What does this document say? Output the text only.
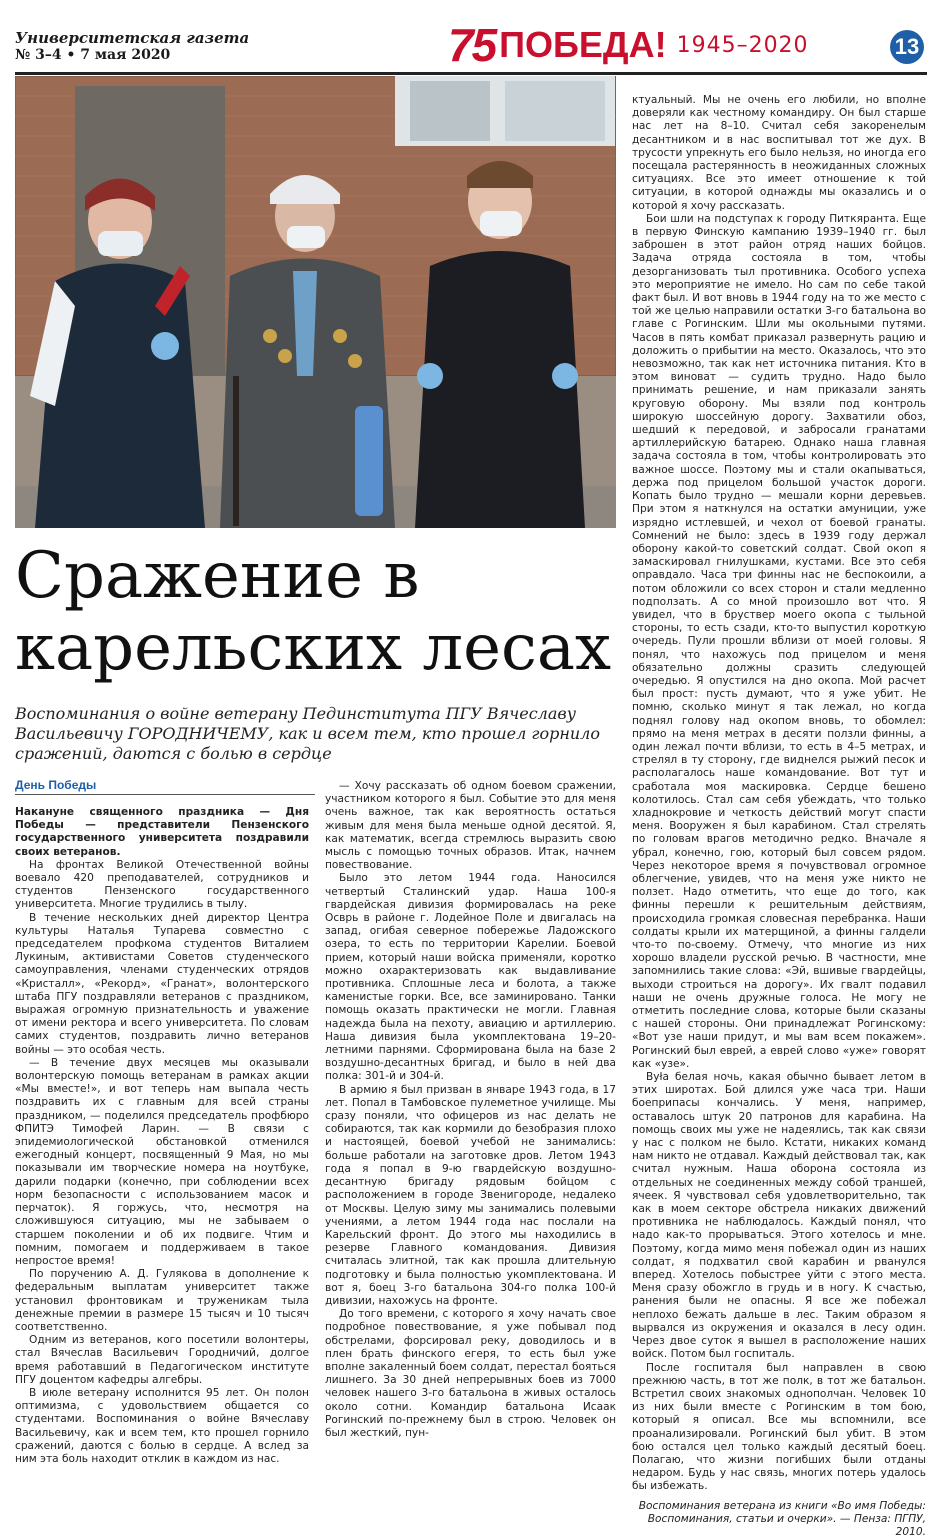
Университетская газета
№ 3–4 • 7 мая 2020	75 ПОБЕДА! 1945–2020	13
Сражение в
карельских лесах
Воспоминания о войне ветерану Пединститута ПГУ Вячеславу Васильевичу ГОРОДНИЧЕМУ, как и всем тем, кто прошел горнило сражений, даются с болью в сердце
День Победы

Накануне священного праздника — Дня Победы — представители Пензенского государственного университета поздравили своих ветеранов.

На фронтах Великой Отечественной войны воевало 420 преподавателей, сотрудников и студентов Пензенского государственного университета. Многие трудились в тылу.

В течение нескольких дней директор Центра культуры Наталья Тупарева совместно с председателем профкома студентов Виталием Лукиным, активистами Советов студенческого самоуправления, членами студенческих отрядов «Кристалл», «Рекорд», «Гранат», волонтерского штаба ПГУ поздравляли ветеранов с праздником, выражая огромную признательность и уважение от имени ректора и всего университета. По словам самих студентов, поздравить лично ветеранов войны — это особая честь.

— В течение двух месяцев мы оказывали волонтерскую помощь ветеранам в рамках акции «Мы вместе!», и вот теперь нам выпала честь поздравить их с главным для всей страны праздником, — поделился председатель профбюро ФПИТЭ Тимофей Ларин. — В связи с эпидемиологической обстановкой отменился ежегодный концерт, посвященный 9 Мая, но мы показывали им творческие номера на ноутбуке, дарили подарки (конечно, при соблюдении всех норм безопасности с использованием масок и перчаток). Я горжусь, что, несмотря на сложившуюся ситуацию, мы не забываем о старшем поколении и об их подвиге. Чтим и помним, помогаем и поддерживаем в такое непростое время!

По поручению А. Д. Гулякова в дополнение к федеральным выплатам университет также установил фронтовикам и труженикам тыла денежные премии в размере 15 тысяч и 10 тысяч соответственно.

Одним из ветеранов, кого посетили волонтеры, стал Вячеслав Васильевич Городничий, долгое время работавший в Педагогическом институте ПГУ доцентом кафедры алгебры.

В июле ветерану исполнится 95 лет. Он полон оптимизма, с удовольствием общается со студентами. Воспоминания о войне Вячеславу Васильевичу, как и всем тем, кто прошел горнило сражений, даются с болью в сердце. А вслед за ним эта боль находит отклик в каждом из нас.

— Хочу рассказать об одном боевом сражении, участником которого я был. Событие это для меня очень важное, так как вероятность остаться живым для меня была меньше одной десятой. Я, как математик, всегда стремлюсь выразить свою мысль с помощью точных образов. Итак, начнем повествование.

Было это летом 1944 года. Наносился четвертый Сталинский удар. Наша 100-я гвардейская дивизия формировалась на реке Осврь в районе г. Лодейное Поле и двигалась на запад, огибая северное побережье Ладожского озера, то есть по территории Карелии. Боевой прием, который наши войска применяли, коротко можно охарактеризовать как выдавливание противника. Сплошные леса и болота, а также каменистые горки. Все, все заминировано. Танки помощь оказать практически не могли. Главная надежда была на пехоту, авиацию и артиллерию. Наша дивизия была укомплектована 19–20-летними парнями. Сформирована была на базе 2 воздушно-десантных бригад, и было в ней два полка: 301-й и 304-й.

В армию я был призван в январе 1943 года, в 17 лет. Попал в Тамбовское пулеметное училище. Мы сразу поняли, что офицеров из нас делать не собираются, так как кормили до безобразия плохо и настоящей, боевой учебой не занимались: больше работали на заготовке дров. Летом 1943 года я попал в 9-ю гвардейскую воздушно-десантную бригаду рядовым бойцом с расположением в городе Звенигороде, недалеко от Москвы. Целую зиму мы занимались полевыми учениями, а летом 1944 года нас послали на Карельский фронт. До этого мы находились в резерве Главного командования. Дивизия считалась элитной, так как прошла длительную подготовку и была полностью укомплектована. И вот я, боец 3-го батальона 304-го полка 100-й дивизии, нахожусь на фронте.

До того времени, с которого я хочу начать свое подробное повествование, я уже побывал под обстрелами, форсировал реку, доводилось и в плен брать финского егеря, то есть был уже вполне закаленный боем солдат, перестал бояться лишнего. За 30 дней непрерывных боев из 7000 человек нашего 3-го батальона в живых осталось около сотни. Командир батальона Исаак Рогинский по-прежнему был в строю. Человек он был жесткий, пун-

ктуальный. Мы не очень его любили, но вполне доверяли как честному командиру. Он был старше нас лет на 8–10. Считал себя закоренелым десантником и в нас воспитывал тот же дух. В трусости упрекнуть его было нельзя, но иногда его посещала растерянность в неожиданных сложных ситуациях. Все это имеет отношение к той ситуации, в которой однажды мы оказались и о которой я хочу рассказать.

Бои шли на подступах к городу Питкяранта. Еще в первую Финскую кампанию 1939–1940 гг. был заброшен в этот район отряд наших бойцов. Задача отряда состояла в том, чтобы дезорганизовать тыл противника. Особого успеха это мероприятие не имело. Но сам по себе такой факт был. И вот вновь в 1944 году на то же место с той же целью направили остатки 3-го батальона во главе с Рогинским. Шли мы окольными путями. Часов в пять комбат приказал развернуть рацию и доложить о прибытии на место. Оказалось, что это невозможно, так как нет источника питания. Кто в этом виноват — судить трудно. Надо было принимать решение, и нам приказали занять круговую оборону. Мы взяли под контроль широкую шоссейную дорогу. Захватили обоз, шедший к передовой, и забросали гранатами артиллерийскую батарею. Однако наша главная задача состояла в том, чтобы контролировать это важное шоссе. Поэтому мы и стали окапываться, держа под прицелом большой участок дороги. Копать было трудно — мешали корни деревьев. При этом я наткнулся на остатки амуниции, уже изрядно истлевшей, и чехол от боевой гранаты. Сомнений не было: здесь в 1939 году держал оборону какой-то советский солдат. Свой окоп я замаскировал гнилушками, кустами. Все это себя оправдало. Часа три финны нас не беспокоили, а потом обложили со всех сторон и стали медленно подползать. А со мной произошло вот что. Я увидел, что в бруствер моего окопа с тыльной стороны, то есть сзади, кто-то выпустил короткую очередь. Пули прошли вблизи от моей головы. Я понял, что нахожусь под прицелом и меня обязательно должны сразить следующей очередью. Я опустился на дно окопа. Мой расчет был прост: пусть думают, что я уже убит. Не помню, сколько минут я так лежал, но когда поднял голову над окопом вновь, то обомлел: прямо на меня метрах в десяти ползли финны, а один лежал почти вблизи, то есть в 4–5 метрах, и стрелял в ту сторону, где виднелся рыжий песок и располагалось наше командование. Вот тут и сработала моя маскировка. Сердце бешено колотилось. Стал сам себя убеждать, что только хладнокровие и четкость действий могут спасти меня. Вооружен я был карабином. Стал стрелять по головам врагов методично редко. Вначале я убрал, конечно, гою, который был совсем рядом. Через некоторое время я почувствовал огромное облегчение, увидев, что на меня уже никто не ползет. Надо отметить, что еще до того, как финны перешли к решительным действиям, происходила громкая словесная перебранка. Наши солдаты крыли их матерщиной, а финны галдели что-то по-своему. Отмечу, что многие из них хорошо владели русской речью. В частности, мне запомнились такие слова: «Эй, вшивые гвардейцы, выходи строиться на дорогу». Их гвалт подавил наши не очень дружные голоса. Не могу не отметить последние слова, которые были сказаны с нашей стороны. Они принадлежат Рогинскому: «Вот узе наши придут, и мы вам всем покажем». Рогинский был еврей, а еврей слово «уже» говорят как «узе».

Była белая ночь, какая обычно бывает летом в этих широтах. Бой длился уже часа три. Наши боеприпасы кончались. У меня, например, оставалось штук 20 патронов для карабина. На помощь своих мы уже не надеялись, так как связи у нас с полком не было. Кстати, никаких команд нам никто не отдавал. Каждый действовал так, как считал нужным. Наша оборона состояла из отдельных не соединенных между собой траншей, ячеек. Я чувствовал себя удовлетворительно, так как в моем секторе обстрела никаких движений противника не наблюдалось. Каждый понял, что надо как-то прорываться. Этого хотелось и мне. Поэтому, когда мимо меня побежал один из наших солдат, я подхватил свой карабин и рванулся вперед. Хотелось побыстрее уйти с этого места. Меня сразу обожгло в грудь и в ногу. К счастью, ранения были не опасны. Я все же побежал неплохо бежать дальше в лес. Таким образом я вырвался из окружения и оказался в лесу один. Через двое суток я вышел в расположение наших войск. Потом был госпиталь.

После госпиталя был направлен в свою прежнюю часть, в тот же полк, в тот же батальон. Встретил своих знакомых однополчан. Человек 10 из них были вместе с Рогинским в том бою, который я описал. Все мы вспомнили, все проанализировали. Рогинский был убит. В этом бою остался цел только каждый десятый боец. Полагаю, что жизни погибших были отданы недаром. Будь у нас связь, многих потерь удалось бы избежать.

Воспоминания ветерана из книги «Во имя Победы: Воспоминания, статьи и очерки». — Пенза: ПГПУ, 2010.
